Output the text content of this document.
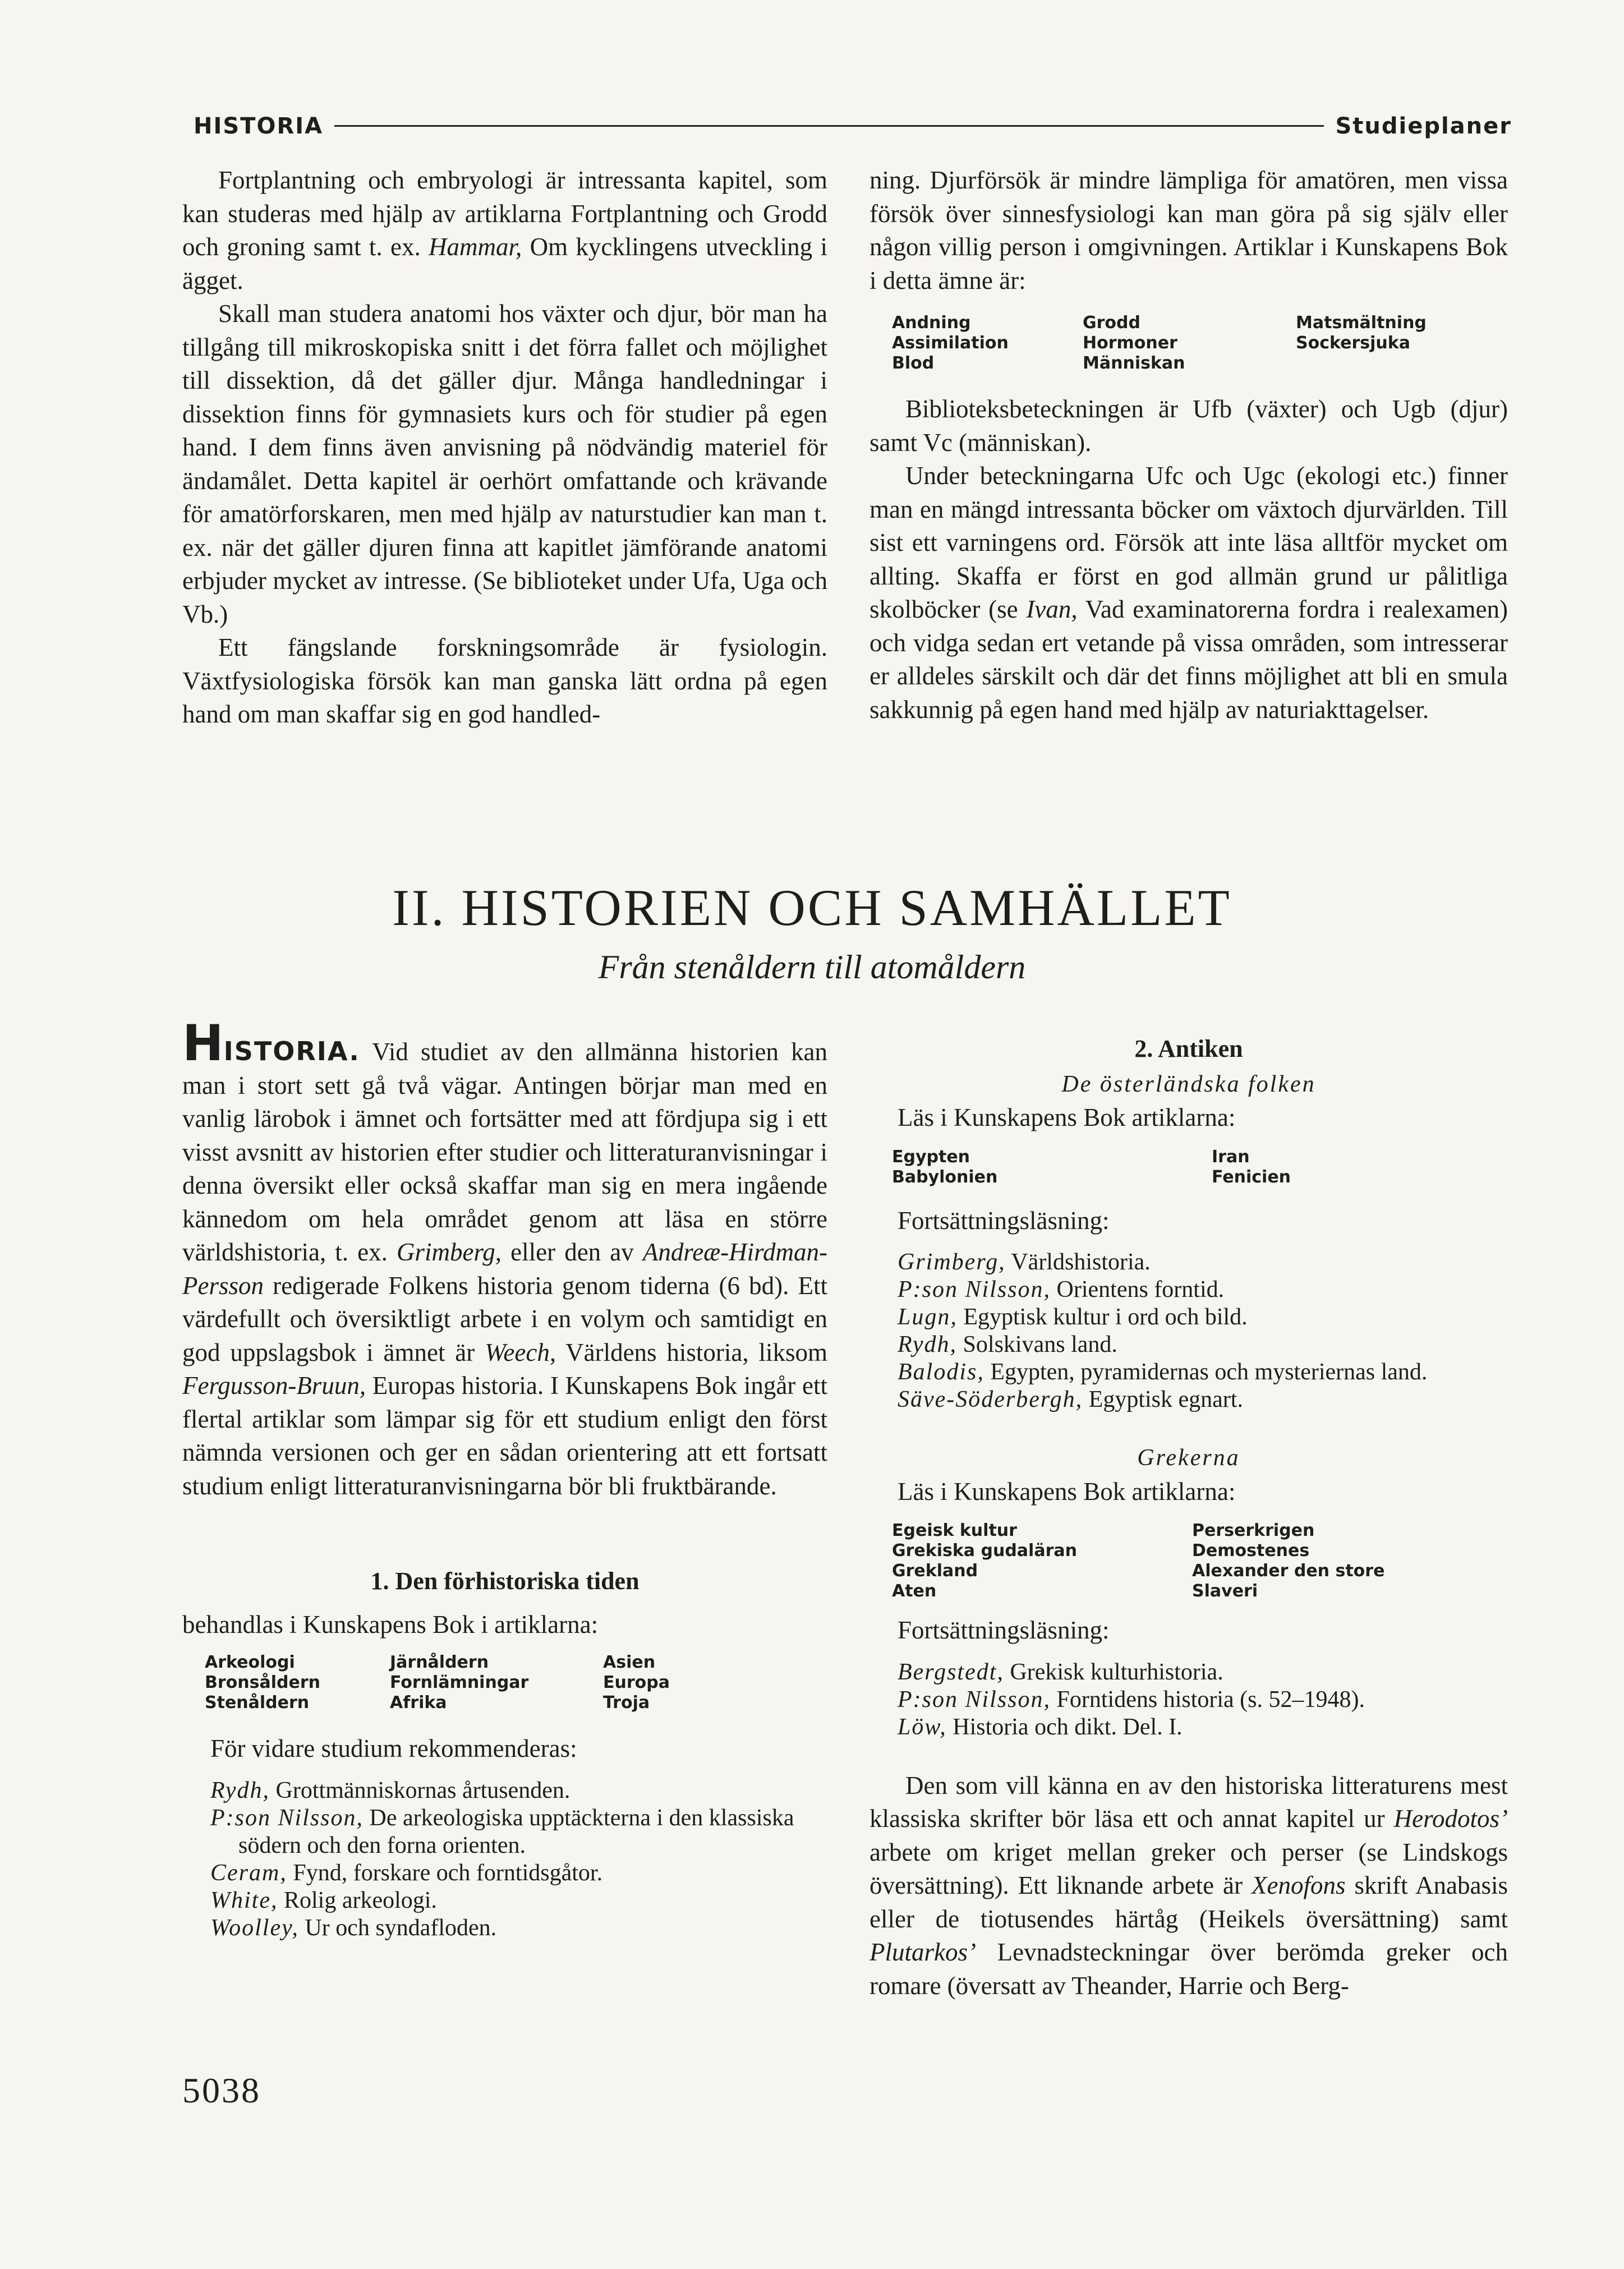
HISTORIA	Studieplaner

Fortplantning och embryologi är intressanta kapitel, som kan studeras med hjälp av artiklarna Fortplantning och Grodd och groning samt t. ex. Hammar, Om kycklingens utveckling i ägget.

Skall man studera anatomi hos växter och djur, bör man ha tillgång till mikroskopiska snitt i det förra fallet och möjlighet till dissektion, då det gäller djur. Många handledningar i dissektion finns för gymnasiets kurs och för studier på egen hand. I dem finns även anvisning på nödvändig materiel för ändamålet. Detta kapitel är oerhört omfattande och krävande för amatörforskaren, men med hjälp av naturstudier kan man t. ex. när det gäller djuren finna att kapitlet jämförande anatomi erbjuder mycket av intresse. (Se biblioteket under Ufa, Uga och Vb.)

Ett fängslande forskningsområde är fysiologin. Växtfysiologiska försök kan man ganska lätt ordna på egen hand om man skaffar sig en god handled-

ning. Djurförsök är mindre lämpliga för amatören, men vissa försök över sinnesfysiologi kan man göra på sig själv eller någon villig person i omgivningen. Artiklar i Kunskapens Bok i detta ämne är:

Andning
Assimilation
Blod
Grodd
Hormoner
Människan
Matsmältning
Sockersjuka

Biblioteksbeteckningen är Ufb (växter) och Ugb (djur) samt Vc (människan).

Under beteckningarna Ufc och Ugc (ekologi etc.) finner man en mängd intressanta böcker om växtoch djurvärlden. Till sist ett varningens ord. Försök att inte läsa alltför mycket om allting. Skaffa er först en god allmän grund ur pålitliga skolböcker (se Ivan, Vad examinatorerna fordra i realexamen) och vidga sedan ert vetande på vissa områden, som intresserar er alldeles särskilt och där det finns möjlighet att bli en smula sakkunnig på egen hand med hjälp av naturiakttagelser.

II. HISTORIEN OCH SAMHÄLLET
Från stenåldern till atomåldern

HISTORIA. Vid studiet av den allmänna historien kan man i stort sett gå två vägar. Antingen börjar man med en vanlig lärobok i ämnet och fortsätter med att fördjupa sig i ett visst avsnitt av historien efter studier och litteraturanvisningar i denna översikt eller också skaffar man sig en mera ingående kännedom om hela området genom att läsa en större världshistoria, t. ex. Grimberg, eller den av Andreæ-Hirdman-Persson redigerade Folkens historia genom tiderna (6 bd). Ett värdefullt och översiktligt arbete i en volym och samtidigt en god uppslagsbok i ämnet är Weech, Världens historia, liksom Fergusson-Bruun, Europas historia. I Kunskapens Bok ingår ett flertal artiklar som lämpar sig för ett studium enligt den först nämnda versionen och ger en sådan orientering att ett fortsatt studium enligt litteraturanvisningarna bör bli fruktbärande.

1. Den förhistoriska tiden

behandlas i Kunskapens Bok i artiklarna:

Arkeologi
Bronsåldern
Stenåldern
Järnåldern
Fornlämningar
Afrika
Asien
Europa
Troja

För vidare studium rekommenderas:

Rydh, Grottmänniskornas årtusenden.
P:son Nilsson, De arkeologiska upptäckterna i den klassiska södern och den forna orienten.
Ceram, Fynd, forskare och forntidsgåtor.
White, Rolig arkeologi.
Woolley, Ur och syndafloden.

2. Antiken

De österländska folken

Läs i Kunskapens Bok artiklarna:

Egypten
Babylonien
Iran
Fenicien

Fortsättningsläsning:

Grimberg, Världshistoria.
P:son Nilsson, Orientens forntid.
Lugn, Egyptisk kultur i ord och bild.
Rydh, Solskivans land.
Balodis, Egypten, pyramidernas och mysteriernas land.
Säve-Söderbergh, Egyptisk egnart.

Grekerna

Läs i Kunskapens Bok artiklarna:

Egeisk kultur
Grekiska gudaläran
Grekland
Aten
Perserkrigen
Demostenes
Alexander den store
Slaveri

Fortsättningsläsning:

Bergstedt, Grekisk kulturhistoria.
P:son Nilsson, Forntidens historia (s. 52–1948).
Löw, Historia och dikt. Del. I.

Den som vill känna en av den historiska litteraturens mest klassiska skrifter bör läsa ett och annat kapitel ur Herodotos’ arbete om kriget mellan greker och perser (se Lindskogs översättning). Ett liknande arbete är Xenofons skrift Anabasis eller de tiotusendes härtåg (Heikels översättning) samt Plutarkos’ Levnadsteckningar över berömda greker och romare (översatt av Theander, Harrie och Berg-

5038
